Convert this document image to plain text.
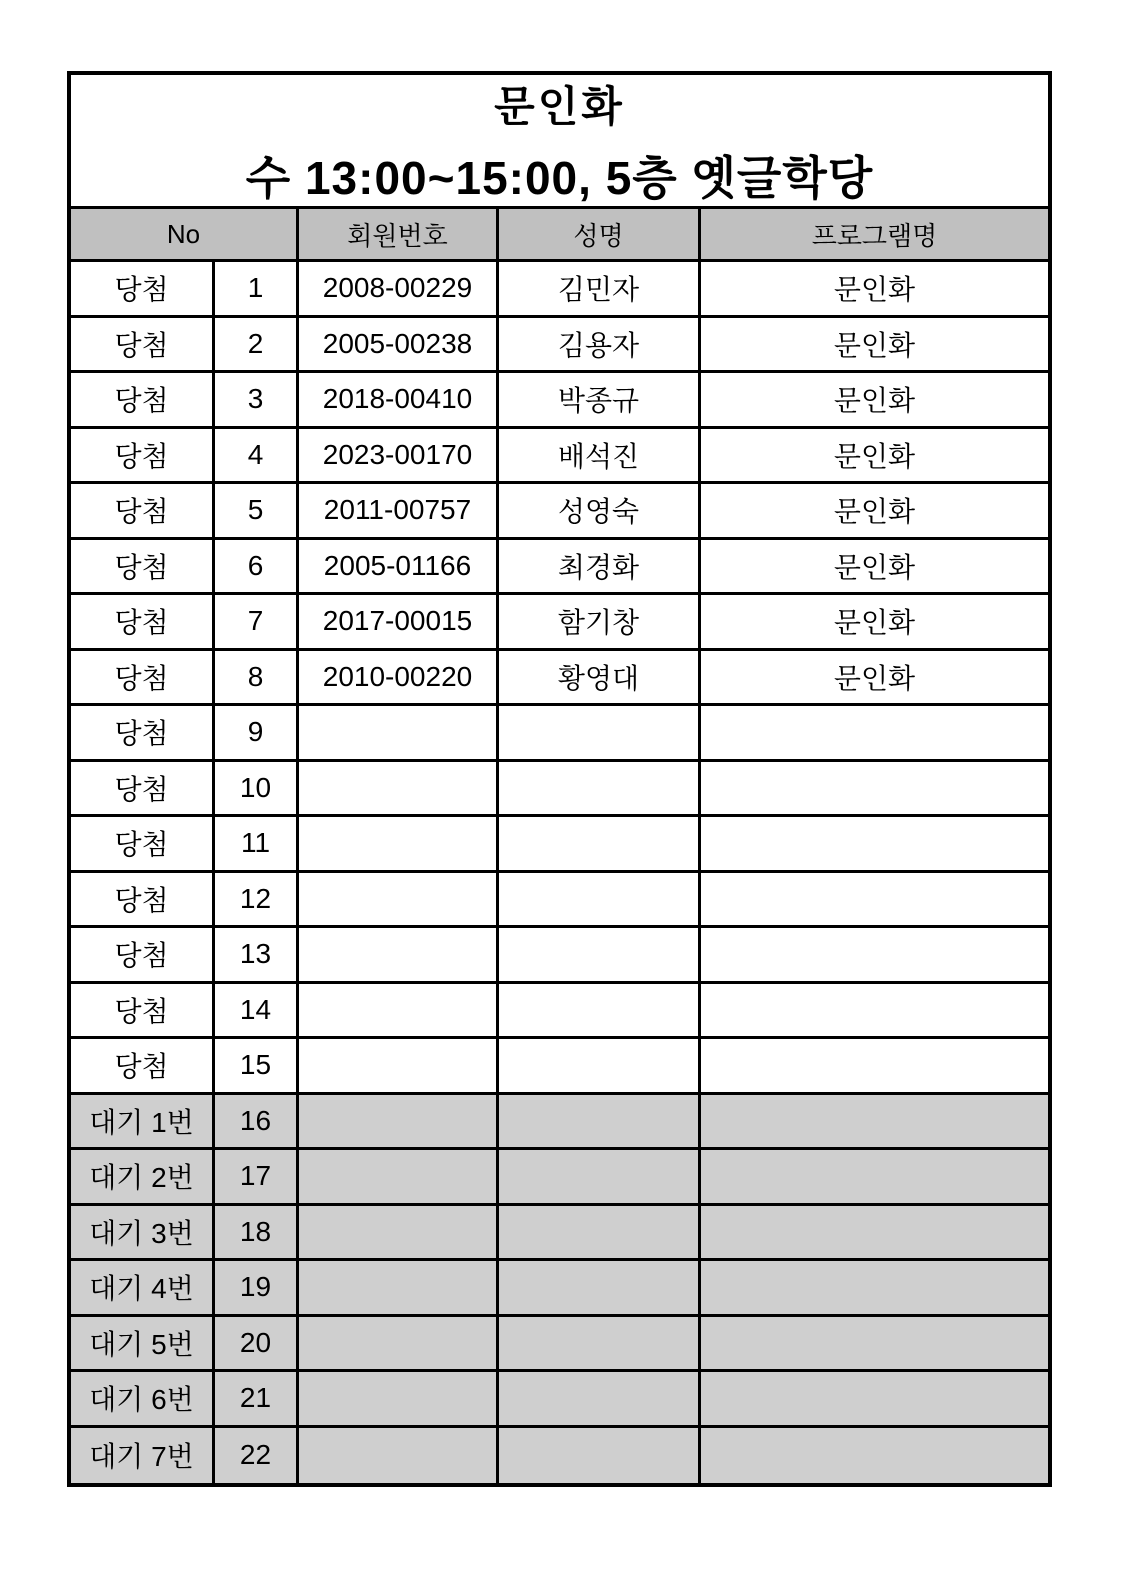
문인화
수 13:00~15:00, 5층 옛글학당
No	회원번호	성명	프로그램명
당첨	1	2008-00229	김민자	문인화
당첨	2	2005-00238	김용자	문인화
당첨	3	2018-00410	박종규	문인화
당첨	4	2023-00170	배석진	문인화
당첨	5	2011-00757	성영숙	문인화
당첨	6	2005-01166	최경화	문인화
당첨	7	2017-00015	함기창	문인화
당첨	8	2010-00220	황영대	문인화
당첨	9
당첨	10
당첨	11
당첨	12
당첨	13
당첨	14
당첨	15
대기 1번	16
대기 2번	17
대기 3번	18
대기 4번	19
대기 5번	20
대기 6번	21
대기 7번	22
